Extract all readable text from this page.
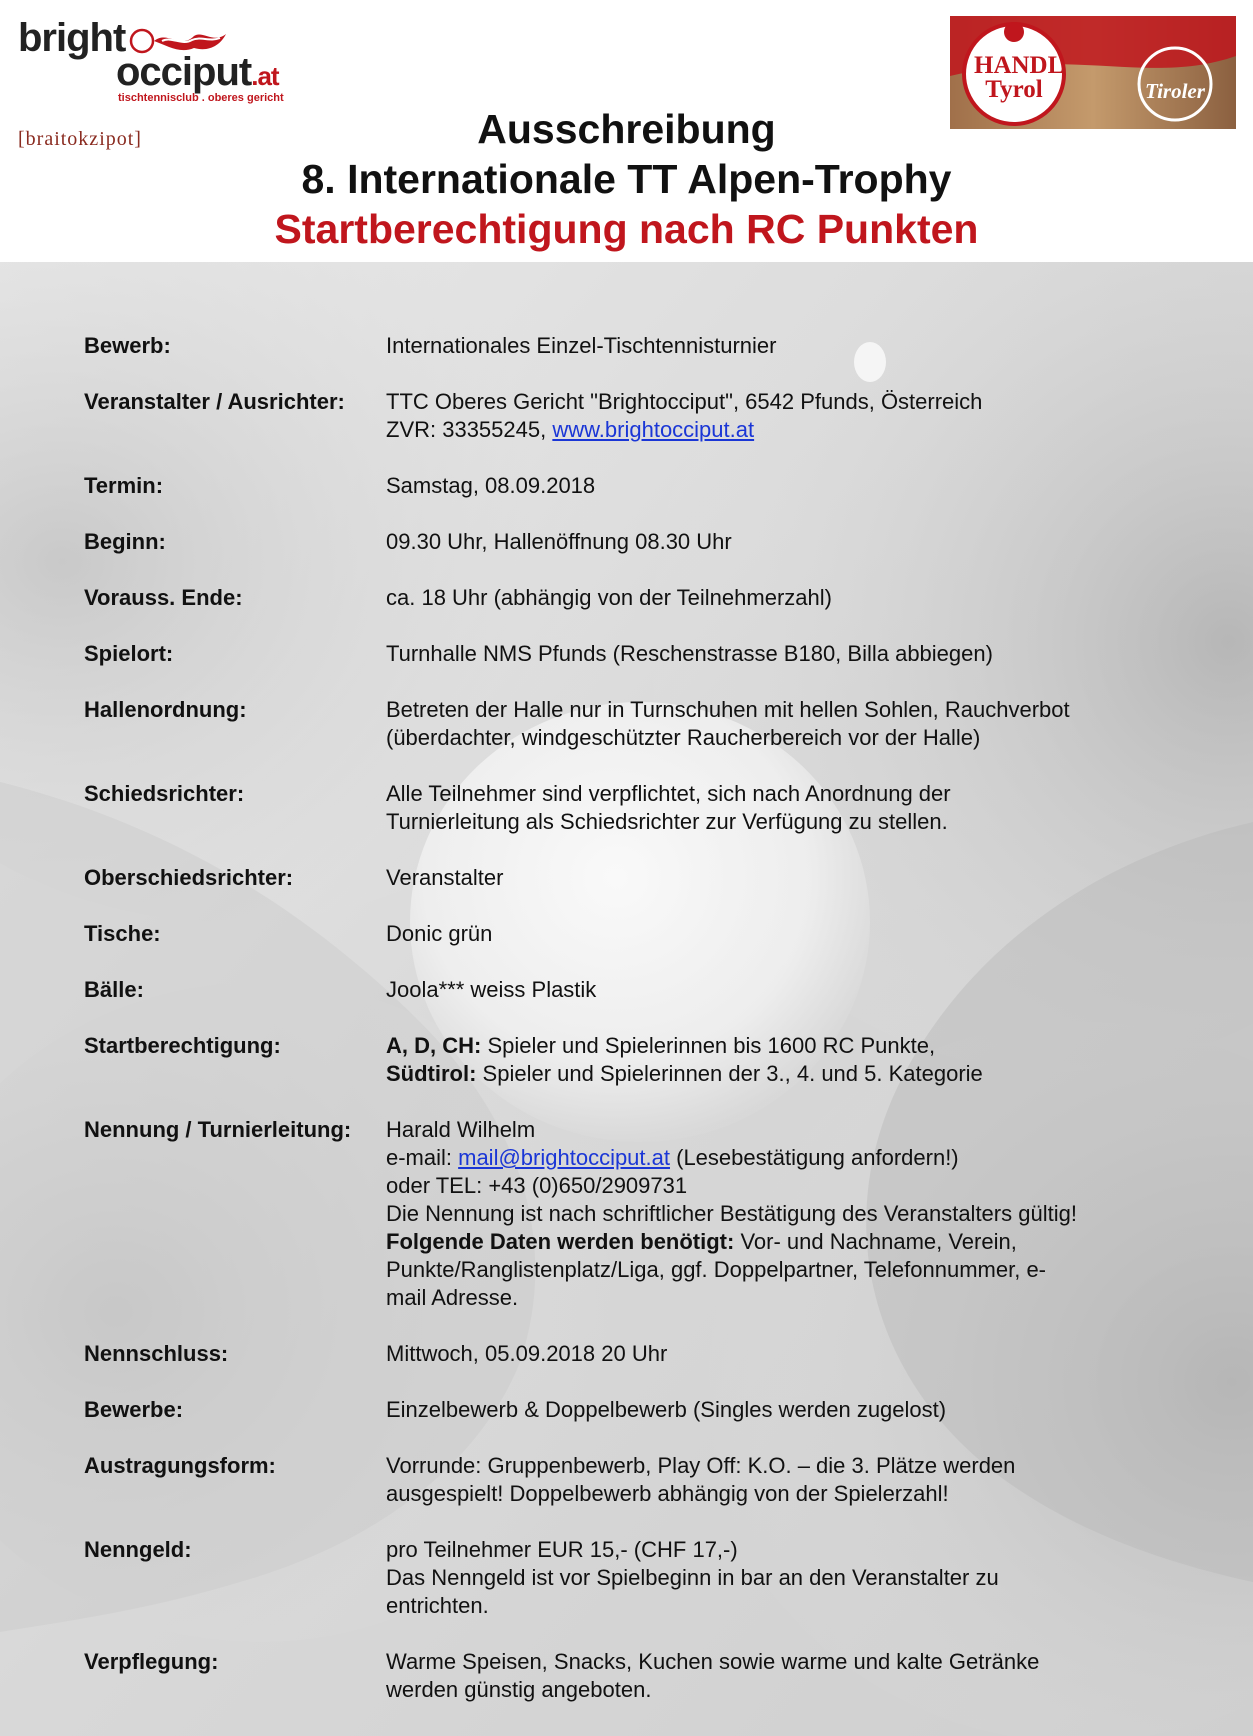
bright
occiput.at
tischtennisclub . oberes gericht
[braitokzipot]
HANDL Tyrol	Tiroler
Ausschreibung
8. Internationale TT Alpen-Trophy
Startberechtigung nach RC Punkten
Bewerb:	Internationales Einzel-Tischtennisturnier
Veranstalter / Ausrichter:	TTC Oberes Gericht "Brightocciput", 6542 Pfunds, Österreich
ZVR: 33355245, www.brightocciput.at
Termin:	Samstag, 08.09.2018
Beginn:	09.30 Uhr, Hallenöffnung 08.30 Uhr
Vorauss. Ende:	ca. 18 Uhr (abhängig von der Teilnehmerzahl)
Spielort:	Turnhalle NMS Pfunds (Reschenstrasse B180, Billa abbiegen)
Hallenordnung:	Betreten der Halle nur in Turnschuhen mit hellen Sohlen, Rauchverbot
(überdachter, windgeschützter Raucherbereich vor der Halle)
Schiedsrichter:	Alle Teilnehmer sind verpflichtet, sich nach Anordnung der
Turnierleitung als Schiedsrichter zur Verfügung zu stellen.
Oberschiedsrichter:	Veranstalter
Tische:	Donic grün
Bälle:	Joola*** weiss Plastik
Startberechtigung:	A, D, CH: Spieler und Spielerinnen bis 1600 RC Punkte,
Südtirol: Spieler und Spielerinnen der 3., 4. und 5. Kategorie
Nennung / Turnierleitung:	Harald Wilhelm
e-mail: mail@brightocciput.at (Lesebestätigung anfordern!)
oder TEL: +43 (0)650/2909731
Die Nennung ist nach schriftlicher Bestätigung des Veranstalters gültig!
Folgende Daten werden benötigt: Vor- und Nachname, Verein,
Punkte/Ranglistenplatz/Liga, ggf. Doppelpartner, Telefonnummer, e-
mail Adresse.
Nennschluss:	Mittwoch, 05.09.2018 20 Uhr
Bewerbe:	Einzelbewerb & Doppelbewerb (Singles werden zugelost)
Austragungsform:	Vorrunde: Gruppenbewerb, Play Off: K.O. – die 3. Plätze werden
ausgespielt! Doppelbewerb abhängig von der Spielerzahl!
Nenngeld:	pro Teilnehmer EUR 15,- (CHF 17,-)
Das Nenngeld ist vor Spielbeginn in bar an den Veranstalter zu
entrichten.
Verpflegung:	Warme Speisen, Snacks, Kuchen sowie warme und kalte Getränke
werden günstig angeboten.
